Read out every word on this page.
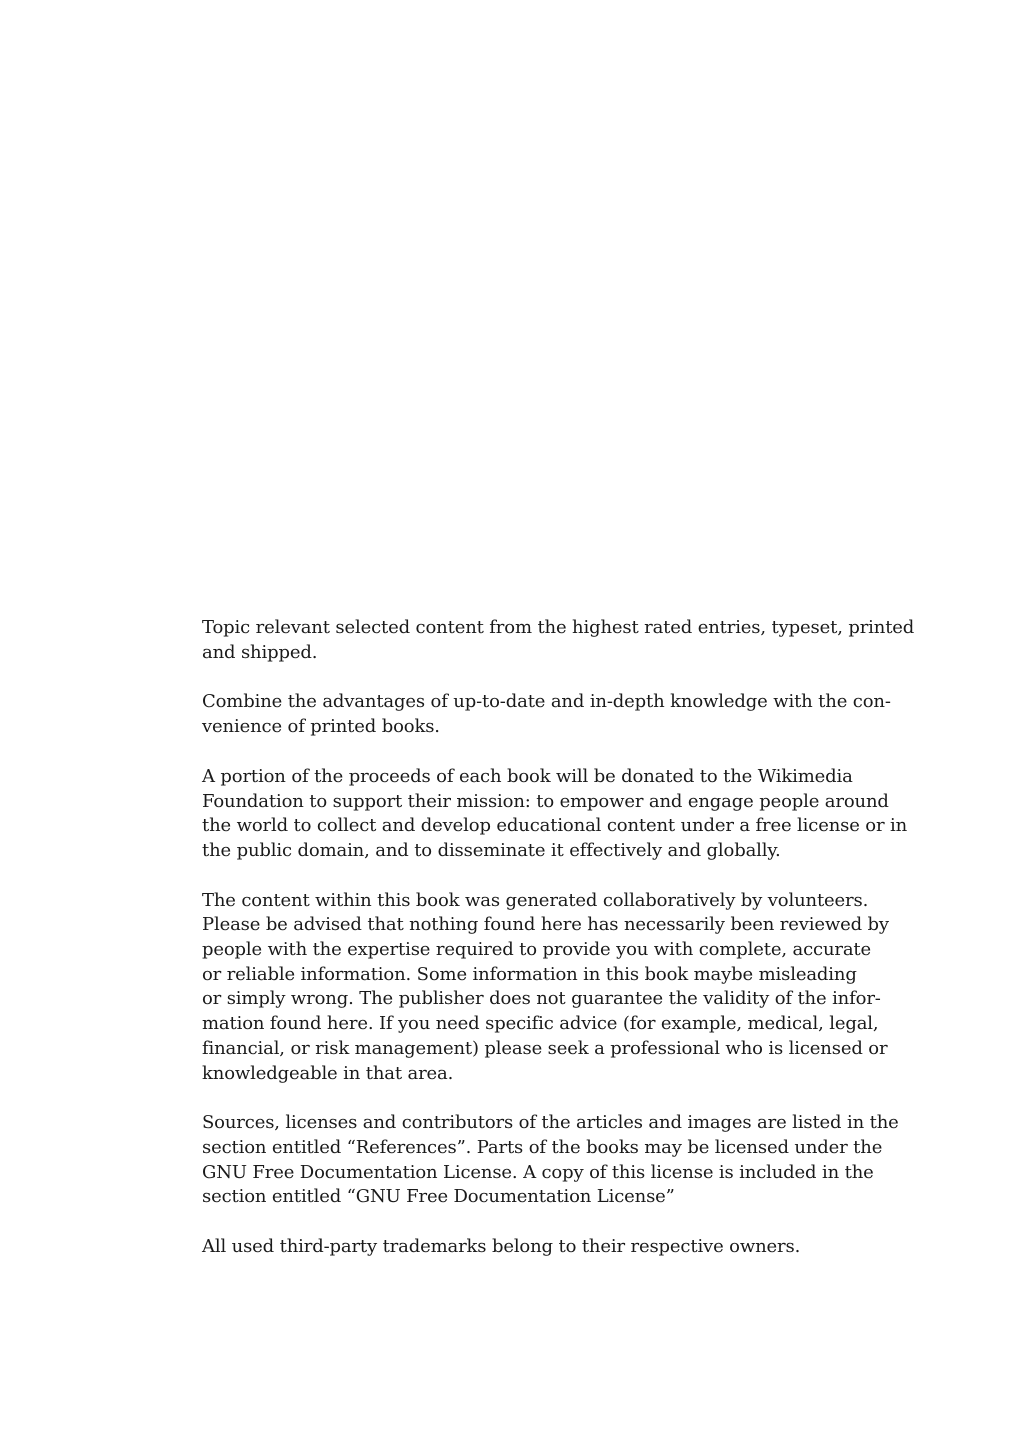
Topic relevant selected content from the highest rated entries, typeset, printed
and shipped.

Combine the advantages of up-to-date and in-depth knowledge with the con-
venience of printed books.

A portion of the proceeds of each book will be donated to the Wikimedia
Foundation to support their mission: to empower and engage people around
the world to collect and develop educational content under a free license or in
the public domain, and to disseminate it effectively and globally.

The content within this book was generated collaboratively by volunteers.
Please be advised that nothing found here has necessarily been reviewed by
people with the expertise required to provide you with complete, accurate
or reliable information. Some information in this book maybe misleading
or simply wrong. The publisher does not guarantee the validity of the infor-
mation found here. If you need specific advice (for example, medical, legal,
financial, or risk management) please seek a professional who is licensed or
knowledgeable in that area.

Sources, licenses and contributors of the articles and images are listed in the
section entitled “References”. Parts of the books may be licensed under the
GNU Free Documentation License. A copy of this license is included in the
section entitled “GNU Free Documentation License”

All used third-party trademarks belong to their respective owners.
